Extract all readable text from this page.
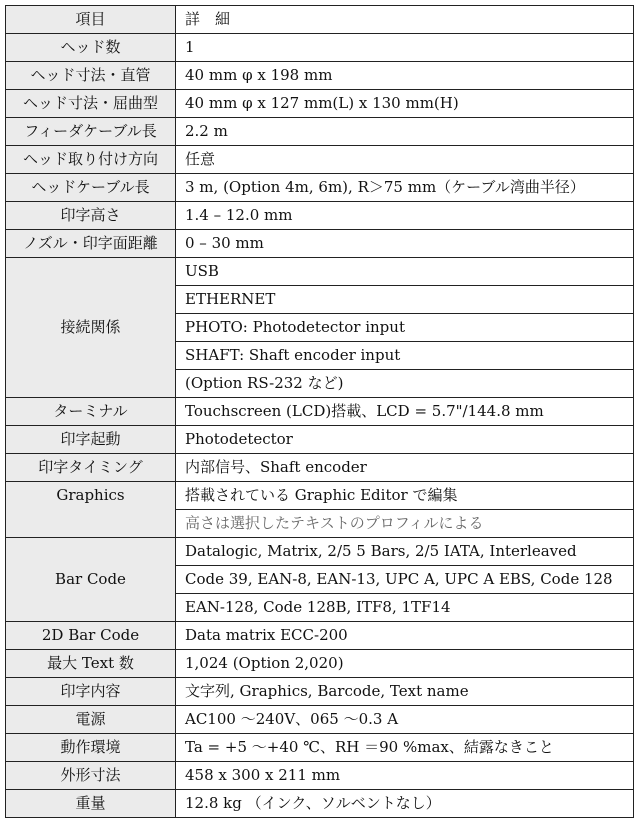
項目	詳　細
ヘッド数	1
ヘッド寸法・直管	40 mm φ x 198 mm
ヘッド寸法・屈曲型	40 mm φ x 127 mm(L) x 130 mm(H)
フィーダケーブル長	2.2 m
ヘッド取り付け方向	任意
ヘッドケーブル長	3 m, (Option 4m, 6m), R＞75 mm（ケーブル湾曲半径）
印字高さ	1.4 – 12.0 mm
ノズル・印字面距離	0 – 30 mm
接続関係	USB
	ETHERNET
	PHOTO: Photodetector input
	SHAFT: Shaft encoder input
	(Option RS-232 など)
ターミナル	Touchscreen (LCD)搭載、LCD = 5.7"/144.8 mm
印字起動	Photodetector
印字タイミング	内部信号、Shaft encoder
Graphics	搭載されている Graphic Editor で編集
	高さは選択したテキストのプロフィルによる
Bar Code	Datalogic, Matrix, 2/5 5 Bars, 2/5 IATA, Interleaved
	Code 39, EAN-8, EAN-13, UPC A, UPC A EBS, Code 128
	EAN-128, Code 128B, ITF8, 1TF14
2D Bar Code	Data matrix ECC-200
最大 Text 数	1,024 (Option 2,020)
印字内容	文字列, Graphics, Barcode, Text name
電源	AC100 ～240V、065 ～0.3 A
動作環境	Ta = +5 ～+40 ℃、RH ＝90 %max、結露なきこと
外形寸法	458 x 300 x 211 mm
重量	12.8 kg （インク、ソルベントなし）
